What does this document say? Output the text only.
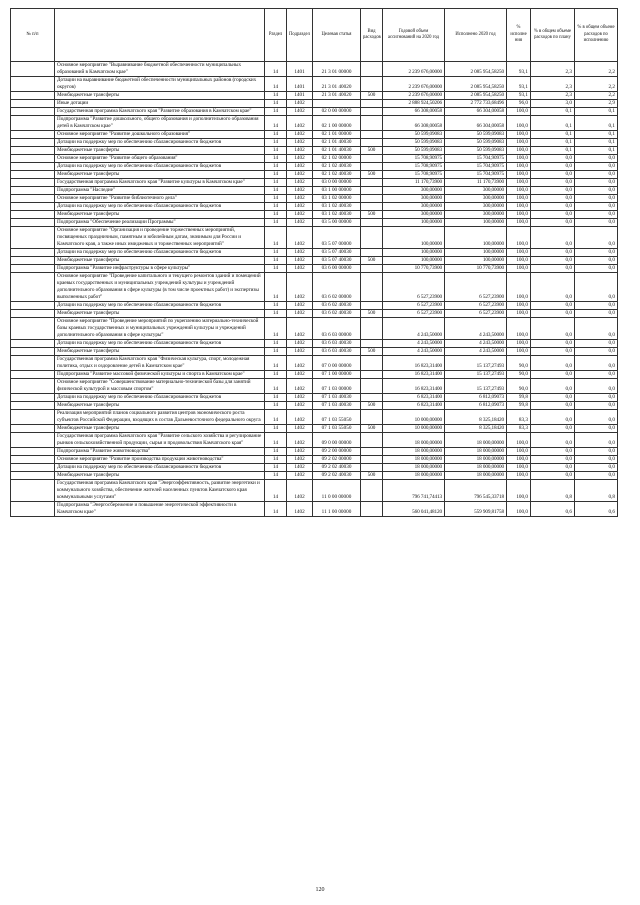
№ п/п		Раздел	Подраздел	Целевая статья	Вид расходов	Годовой объем ассигнований на 2020 год	Исполнено 2020 год	% исполне ния	% в общем объеме расходов по плану	% в общем объеме расходов по исполнению
	Основное мероприятие "Выравнивание бюджетной обеспеченности муниципальных образований в Камчатском крае"	14	1401	21 3 01 00000		2 239 676,00000	2 085 954,58250	93,1	2,3	2,2
	Дотации на выравнивание бюджетной обеспеченности муниципальных районов (городских округов)	14	1401	21 3 01 40020		2 239 676,00000	2 085 954,58250	93,1	2,3	2,2
	Межбюджетные трансферты	14	1401	21 3 01 40020	500	2 239 676,00000	2 085 954,58250	93,1	2,3	2,2
	Иные дотации	14	1402			2 888 924,50206	2 772 733,68496	96,0	3,0	2,9
	Государственная программа Камчатского края "Развитие образования в Камчатском крае"	14	1402	02 0 00 00000		66 308,00058	66 304,00058	100,0	0,1	0,1
	Подпрограмма "Развитие дошкольного, общего образования и дополнительного образования детей в Камчатском крае"	14	1402	02 1 00 00000		66 308,00058	66 304,00058	100,0	0,1	0,1
	Основное мероприятие "Развитие дошкольного образования"	14	1402	02 1 01 00000		50 599,09083	50 599,09083	100,0	0,1	0,1
	Дотации на поддержку мер по обеспечению сбалансированности бюджетов	14	1402	02 1 01 40030		50 599,09083	50 599,09083	100,0	0,1	0,1
	Межбюджетные трансферты	14	1402	02 1 01 40030	500	50 599,09083	50 599,09083	100,0	0,1	0,1
	Основное мероприятие "Развитие общего образования"	14	1402	02 1 02 00000		15 708,90975	15 704,90975	100,0	0,0	0,0
	Дотации на поддержку мер по обеспечению сбалансированности бюджетов	14	1402	02 1 02 40030		15 708,90975	15 704,90975	100,0	0,0	0,0
	Межбюджетные трансферты	14	1402	02 1 02 40030	500	15 708,90975	15 704,90975	100,0	0,0	0,0
	Государственная программа Камчатского края "Развитие культуры в Камчатском крае"	14	1402	03 0 00 00000		11 170,73900	11 170,73900	100,0	0,0	0,0
	Подпрограмма "Наследие"	14	1402	03 1 00 00000		300,00000	300,00000	100,0	0,0	0,0
	Основное мероприятие "Развитие библиотечного дела"	14	1402	03 1 02 00000		300,00000	300,00000	100,0	0,0	0,0
	Дотации на поддержку мер по обеспечению сбалансированности бюджетов	14	1402	03 1 02 40030		300,00000	300,00000	100,0	0,0	0,0
	Межбюджетные трансферты	14	1402	03 1 02 40030	500	300,00000	300,00000	100,0	0,0	0,0
	Подпрограмма "Обеспечение реализации Программы"	14	1402	03 5 00 00000		100,00000	100,00000	100,0	0,0	0,0
	Основное мероприятие "Организация и проведение торжественных мероприятий, посвященных праздничным, памятным и юбилейным датам, значимым для России и Камчатского края, а также иных имиджевых и торжественных мероприятий"	14	1402	03 5 07 00000		100,00000	100,00000	100,0	0,0	0,0
	Дотации на поддержку мер по обеспечению сбалансированности бюджетов	14	1402	03 5 07 40030		100,00000	100,00000	100,0	0,0	0,0
	Межбюджетные трансферты	14	1402	03 5 07 40030	500	100,00000	100,00000	100,0	0,0	0,0
	Подпрограмма "Развитие инфраструктуры в сфере культуры"	14	1402	03 6 00 00000		10 770,73900	10 770,73900	100,0	0,0	0,0
	Основное мероприятие "Проведение капитального и текущего ремонтов зданий и помещений краевых государственных и муниципальных учреждений культуры и учреждений дополнительного образования в сфере культуры (в том числе проектных работ) и экспертизы выполненных работ"	14	1402	03 6 02 00000		6 527,23900	6 527,23900	100,0	0,0	0,0
	Дотации на поддержку мер по обеспечению сбалансированности бюджетов	14	1402	03 6 02 40030		6 527,23900	6 527,23900	100,0	0,0	0,0
	Межбюджетные трансферты	14	1402	03 6 02 40030	500	6 527,23900	6 527,23900	100,0	0,0	0,0
	Основное мероприятие "Проведение мероприятий по укреплению материально-технической базы краевых государственных и муниципальных учреждений культуры и учреждений дополнительного образования в сфере культуры"	14	1402	03 6 03 00000		4 243,50000	4 243,50000	100,0	0,0	0,0
	Дотации на поддержку мер по обеспечению сбалансированности бюджетов	14	1402	03 6 03 40030		4 243,50000	4 243,50000	100,0	0,0	0,0
	Межбюджетные трансферты	14	1402	03 6 03 40030	500	4 243,50000	4 243,50000	100,0	0,0	0,0
	Государственная программа Камчатского края "Физическая культура, спорт, молодежная политика, отдых и оздоровление детей в Камчатском крае"	14	1402	07 0 00 00000		16 823,31400	15 137,27493	90,0	0,0	0,0
	Подпрограмма "Развитие массовой физической культуры и спорта в Камчатском крае"	14	1402	07 1 00 00000		16 823,31400	15 137,27493	90,0	0,0	0,0
	Основное мероприятие "Совершенствование материально-технической базы для занятий физической культурой и массовым спортом"	14	1402	07 1 03 00000		16 823,31400	15 137,27493	90,0	0,0	0,0
	Дотации на поддержку мер по обеспечению сбалансированности бюджетов	14	1402	07 1 03 40030		6 823,31400	6 812,09073	99,8	0,0	0,0
	Межбюджетные трансферты	14	1402	07 1 03 40030	500	6 823,31400	6 812,09073	99,8	0,0	0,0
	Реализация мероприятий планов социального развития центров экономического роста субъектов Российской Федерации, входящих в состав Дальневосточного федерального округа	14	1402	07 1 03 55050		10 000,00000	8 325,18420	83,3	0,0	0,0
	Межбюджетные трансферты	14	1402	07 1 03 55050	500	10 000,00000	8 325,18420	83,3	0,0	0,0
	Государственная программа Камчатского края "Развитие сельского хозяйства и регулирование рынков сельскохозяйственной продукции, сырья и продовольствия Камчатского края"	14	1402	09 0 00 00000		18 000,00000	18 000,00000	100,0	0,0	0,0
	Подпрограмма "Развитие животноводства"	14	1402	09 2 00 00000		18 000,00000	18 000,00000	100,0	0,0	0,0
	Основное мероприятие "Развитие производства продукции животноводства"	14	1402	09 2 02 00000		18 000,00000	18 000,00000	100,0	0,0	0,0
	Дотации на поддержку мер по обеспечению сбалансированности бюджетов	14	1402	09 2 02 40030		18 000,00000	18 000,00000	100,0	0,0	0,0
	Межбюджетные трансферты	14	1402	09 2 02 40030	500	18 000,00000	18 000,00000	100,0	0,0	0,0
	Государственная программа Камчатского края "Энергоэффективность, развитие энергетики и коммунального хозяйства, обеспечение жителей населенных пунктов Камчатского края коммунальными услугами"	14	1402	11 0 00 00000		796 741,74413	796 545,33718	100,0	0,8	0,8
	Подпрограмма "Энергосбережение и повышение энергетической эффективности в Камчатском крае"	14	1402	11 1 00 00000		560 041,48120	559 909,81758	100,0	0,6	0,6
120
